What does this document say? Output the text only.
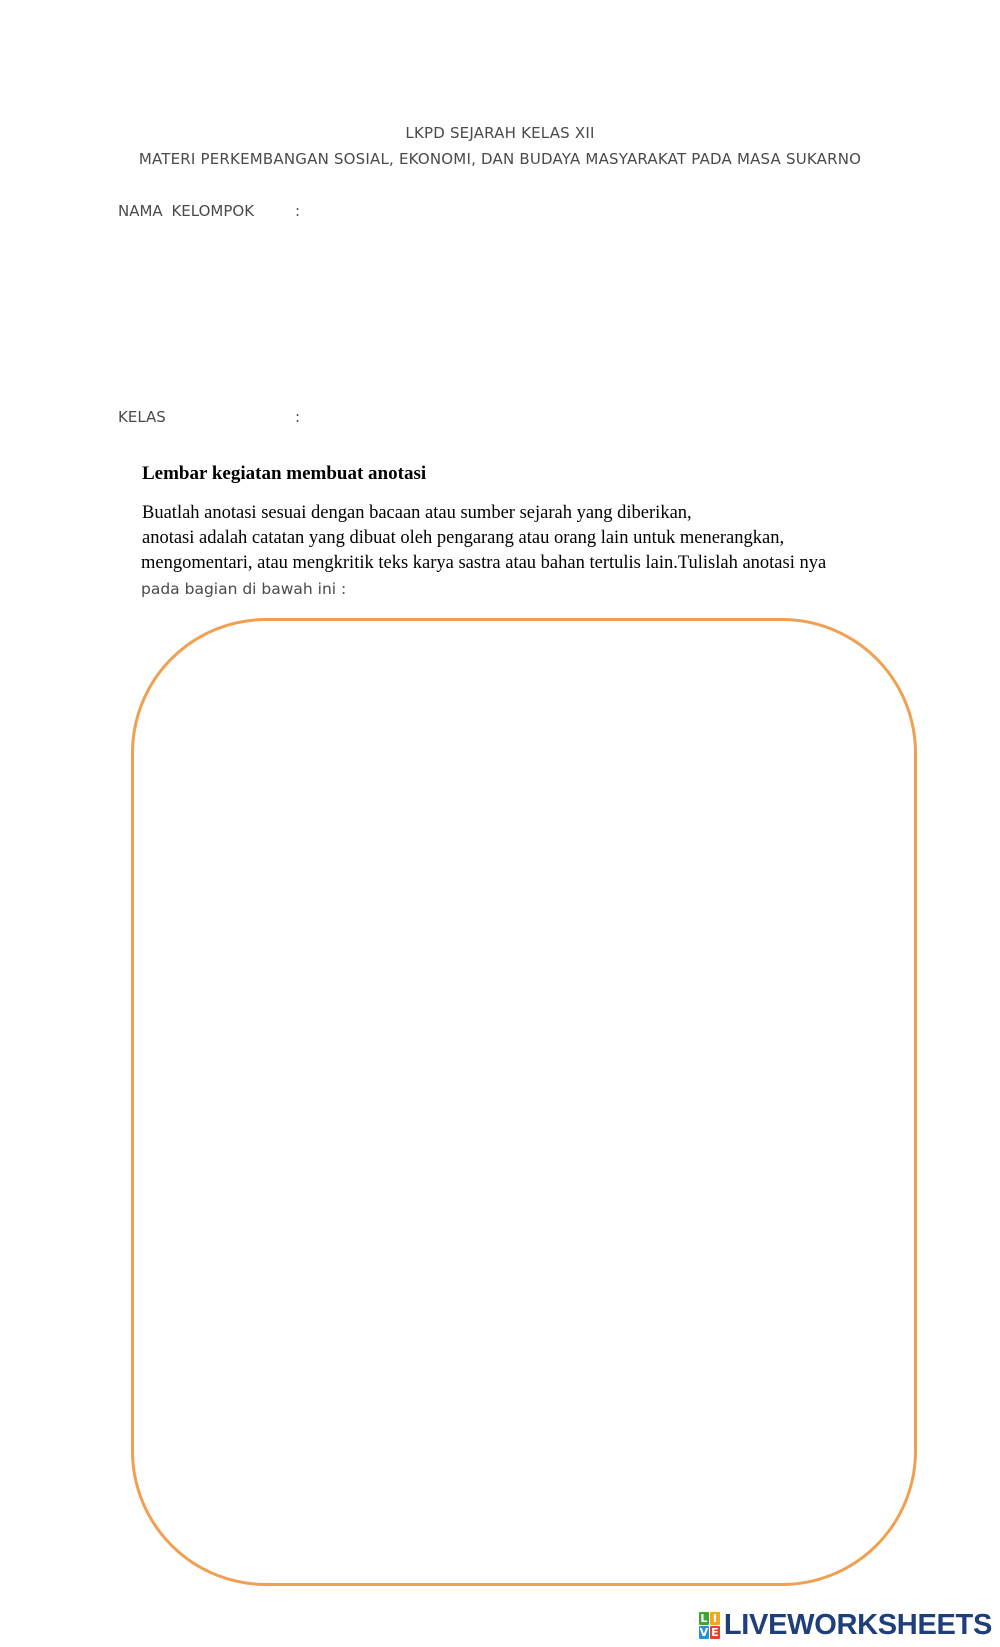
LKPD SEJARAH KELAS XII
MATERI PERKEMBANGAN SOSIAL, EKONOMI, DAN BUDAYA MASYARAKAT PADA MASA SUKARNO
NAMA KELOMPOK	:
KELAS	:
Lembar kegiatan membuat anotasi
Buatlah anotasi sesuai dengan bacaan atau sumber sejarah yang diberikan,
anotasi adalah catatan yang dibuat oleh pengarang atau orang lain untuk menerangkan,
mengomentari, atau mengkritik teks karya sastra atau bahan tertulis lain.Tulislah anotasi nya
pada bagian di bawah ini :
L I
V E LIVEWORKSHEETS
